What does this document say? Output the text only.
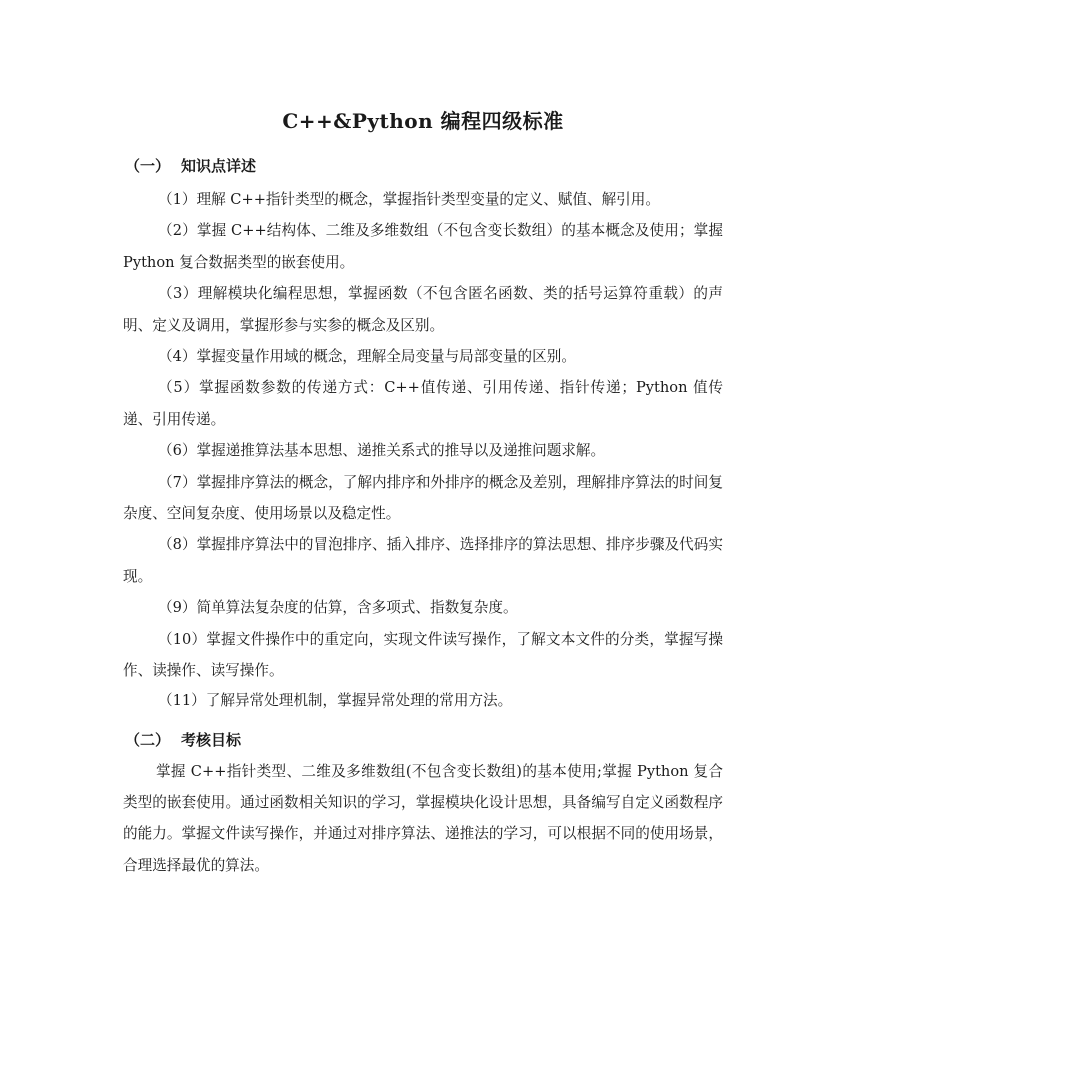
C++&Python 编程四级标准
（一） 知识点详述
（1）理解 C++指针类型的概念，掌握指针类型变量的定义、赋值、解引用。
（2）掌握 C++结构体、二维及多维数组（不包含变长数组）的基本概念及使用；掌握 Python 复合数据类型的嵌套使用。
（3）理解模块化编程思想，掌握函数（不包含匿名函数、类的括号运算符重载）的声明、定义及调用，掌握形参与实参的概念及区别。
（4）掌握变量作用域的概念，理解全局变量与局部变量的区别。
（5）掌握函数参数的传递方式：C++值传递、引用传递、指针传递；Python 值传递、引用传递。
（6）掌握递推算法基本思想、递推关系式的推导以及递推问题求解。
（7）掌握排序算法的概念，了解内排序和外排序的概念及差别，理解排序算法的时间复杂度、空间复杂度、使用场景以及稳定性。
（8）掌握排序算法中的冒泡排序、插入排序、选择排序的算法思想、排序步骤及代码实现。
（9）简单算法复杂度的估算，含多项式、指数复杂度。
（10）掌握文件操作中的重定向，实现文件读写操作，了解文本文件的分类，掌握写操作、读操作、读写操作。
（11）了解异常处理机制，掌握异常处理的常用方法。
（二） 考核目标

掌握 C++指针类型、二维及多维数组(不包含变长数组)的基本使用;掌握 Python 复合类型的嵌套使用。通过函数相关知识的学习，掌握模块化设计思想，具备编写自定义函数程序的能力。掌握文件读写操作，并通过对排序算法、递推法的学习，可以根据不同的使用场景，合理选择最优的算法。
